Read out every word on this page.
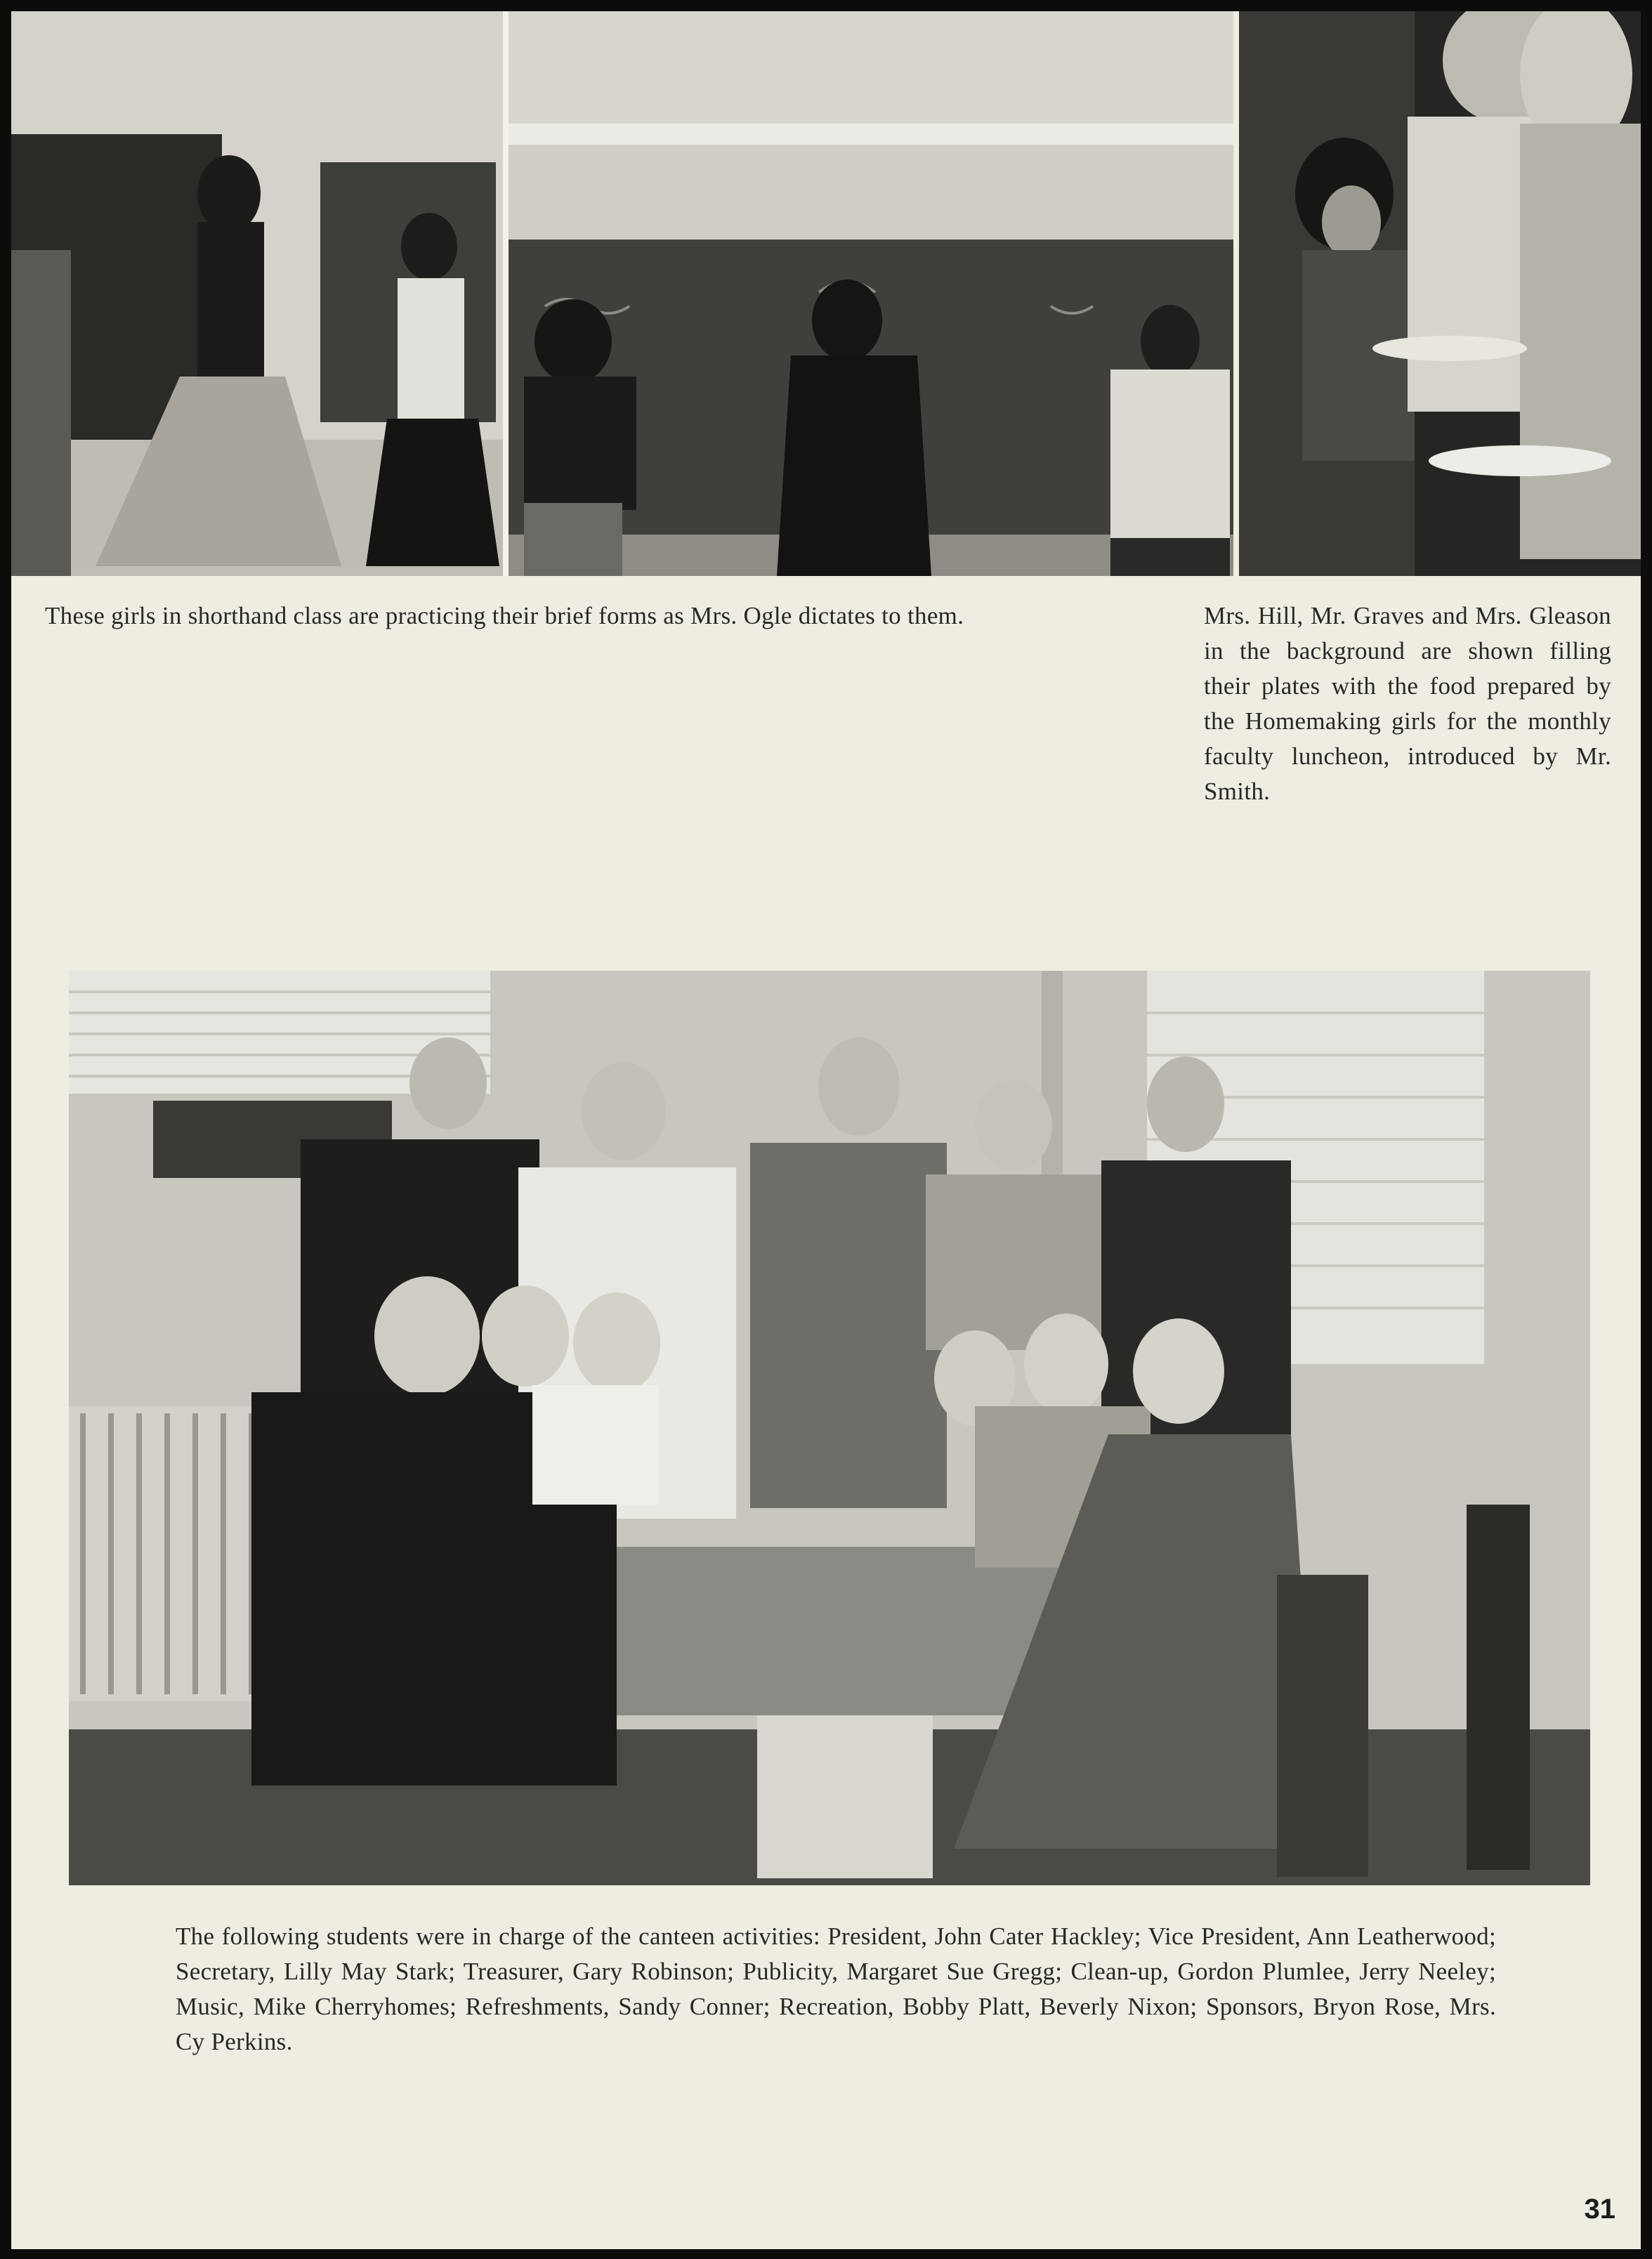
These girls in shorthand class are practicing their brief forms as Mrs. Ogle dictates to them.	Mrs. Hill, Mr. Graves and Mrs. Gleason in the background are shown filling their plates with the food prepared by the Homemaking girls for the monthly faculty luncheon, introduced by Mr. Smith.
The following students were in charge of the canteen activities: President, John Cater Hackley; Vice President, Ann Leatherwood; Secretary, Lilly May Stark; Treasurer, Gary Robinson; Publicity, Margaret Sue Gregg; Clean-up, Gordon Plumlee, Jerry Neeley; Music, Mike Cherryhomes; Refreshments, Sandy Conner; Recreation, Bobby Platt, Beverly Nixon; Sponsors, Bryon Rose, Mrs. Cy Perkins.
31
